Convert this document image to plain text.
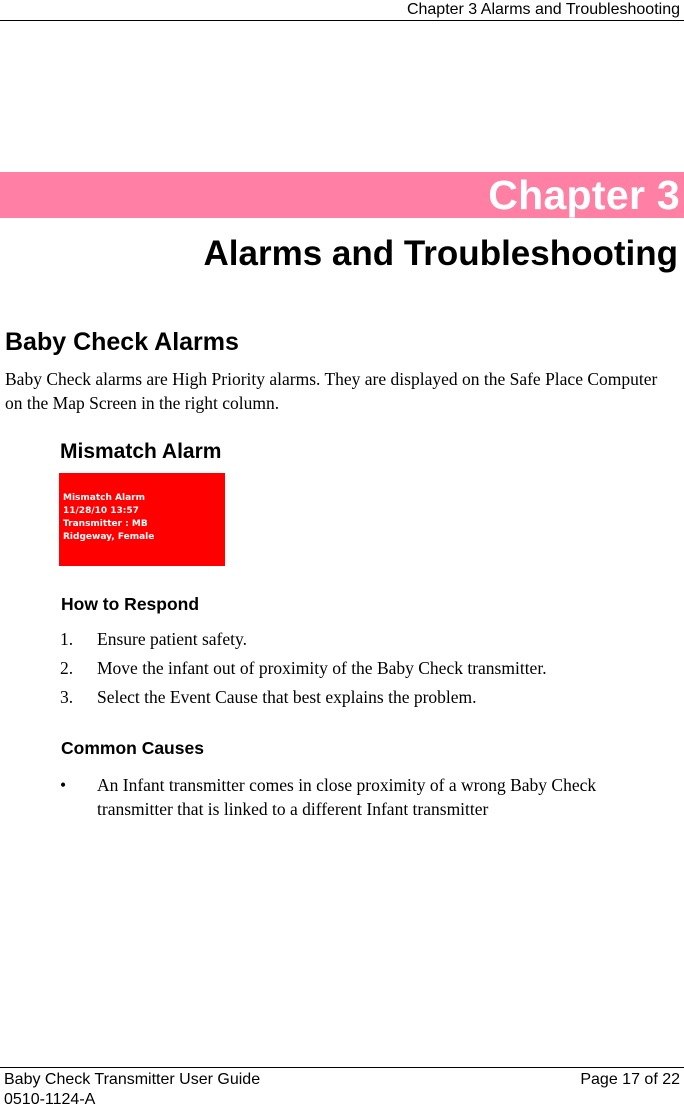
Chapter 3 Alarms and Troubleshooting
Chapter 3
Alarms and Troubleshooting
Baby Check Alarms
Baby Check alarms are High Priority alarms. They are displayed on the Safe Place Computer on the Map Screen in the right column.
Mismatch Alarm
Mismatch Alarm
11/28/10 13:57
Transmitter : MB
Ridgeway, Female
How to Respond
1. Ensure patient safety.
2. Move the infant out of proximity of the Baby Check transmitter.
3. Select the Event Cause that best explains the problem.
Common Causes
• An Infant transmitter comes in close proximity of a wrong Baby Check transmitter that is linked to a different Infant transmitter
Baby Check Transmitter User Guide	Page 17 of 22
0510-1124-A
